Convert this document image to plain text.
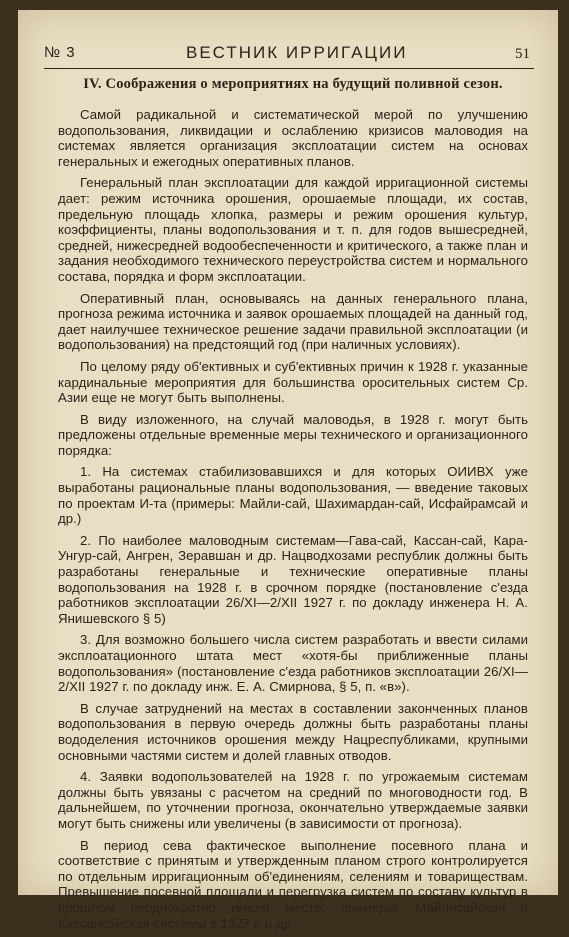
№ 3	ВЕСТНИК ИРРИГАЦИИ	51
IV. Соображения о мероприятиях на будущий поливной сезон.

Самой радикальной и систематической мерой по улучшению водопользования, ликвидации и ослаблению кризисов маловодия на системах является организация эксплоатации систем на основах генеральных и ежегодных оперативных планов.

Генеральный план эксплоатации для каждой ирригационной системы дает: режим источника орошения, орошаемые площади, их состав, предельную площадь хлопка, размеры и режим орошения культур, коэффициенты, планы водопользования и т. п. для годов вышесредней, средней, нижесредней водообеспеченности и критического, а также план и задания необходимого технического переустройства систем и нормального состава, порядка и форм эксплоатации.

Оперативный план, основываясь на данных генерального плана, прогноза режима источника и заявок орошаемых площадей на данный год, дает наилучшее техническое решение задачи правильной эксплоатации (и водопользования) на предстоящий год (при наличных условиях).

По целому ряду об'ективных и суб'ективных причин к 1928 г. указанные кардинальные мероприятия для большинства оросительных систем Ср. Азии еще не могут быть выполнены.

В виду изложенного, на случай маловодья, в 1928 г. могут быть предложены отдельные временные меры технического и организационного порядка:

1. На системах стабилизовавшихся и для которых ОИИВХ уже выработаны рациональные планы водопользования, — введение таковых по проектам И-та (примеры: Майли-сай, Шахимардан-сай, Исфайрамсай и др.)

2. По наиболее маловодным системам—Гава-сай, Кассан-сай, Кара-Унгур-сай, Ангрен, Зеравшан и др. Нацводхозами республик должны быть разработаны генеральные и технические оперативные планы водопользования на 1928 г. в срочном порядке (постановление с'езда работников эксплоатации 26/XI—2/XII 1927 г. по докладу инженера Н. А. Янишевского § 5)

3. Для возможно большего числа систем разработать и ввести силами эксплоатационного штата мест «хотя-бы приближенные планы водопользования» (постановление с'езда работников эксплоатации 26/XI—2/XII 1927 г. по докладу инж. Е. А. Смирнова, § 5, п. «в»).

В случае затруднений на местах в составлении законченных планов водопользования в первую очередь должны быть разработаны планы вододеления источников орошения между Нацреспубликами, крупными основными частями систем и долей главных отводов.

4. Заявки водопользователей на 1928 г. по угрожаемым системам должны быть увязаны с расчетом на средний по многоводности год. В дальнейшем, по уточнении прогноза, окончательно утверждаемые заявки могут быть снижены или увеличены (в зависимости от прогноза).

В период сева фактическое выполнение посевного плана и соответствие с принятым и утвержденным планом строго контролируется по отдельным ирригационным об'единениям, селениям и товариществам. Превышение посевной площади и перегрузка систем по составу культур в прошлом неоднократно имели место; примеры: Майлисайская и Кассансайская системы в 1927 г. и др.
